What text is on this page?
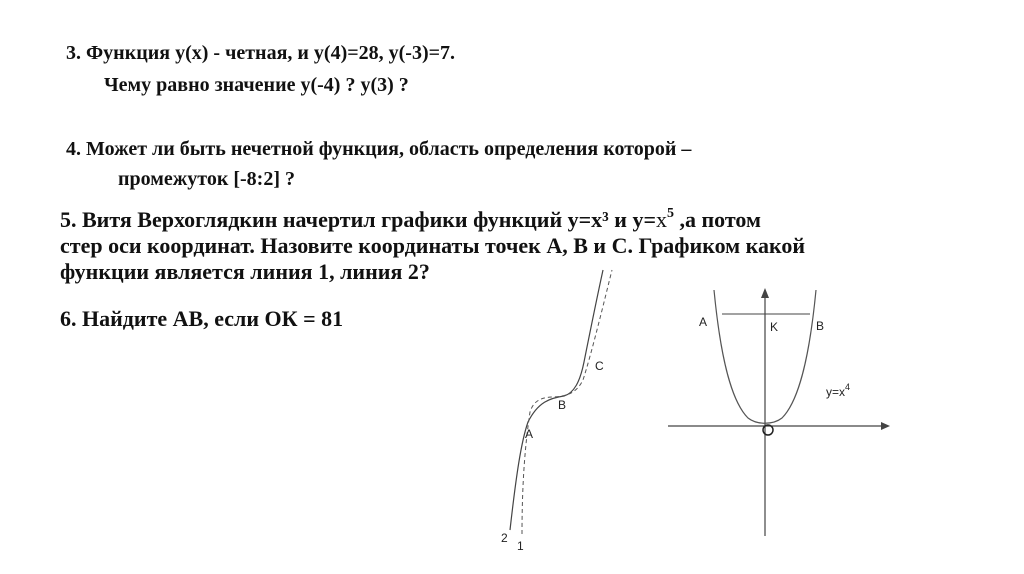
3. Функция y(x) - четная, и y(4)=28, y(-3)=7.
Чему равно значение y(-4) ? y(3) ?
4. Может ли быть нечетной функция, область определения которой –
промежуток [-8:2] ?
5. Витя Верхоглядкин начертил графики функций y=x³ и $y=x^5$ ,а потом
стер оси координат. Назовите координаты точек А, В и С. Графиком какой
функции является линия 1, линия 2?
6. Найдите АВ, если ОК = 81
A
B
C
2
1
A	K	B
$y=x^4$
